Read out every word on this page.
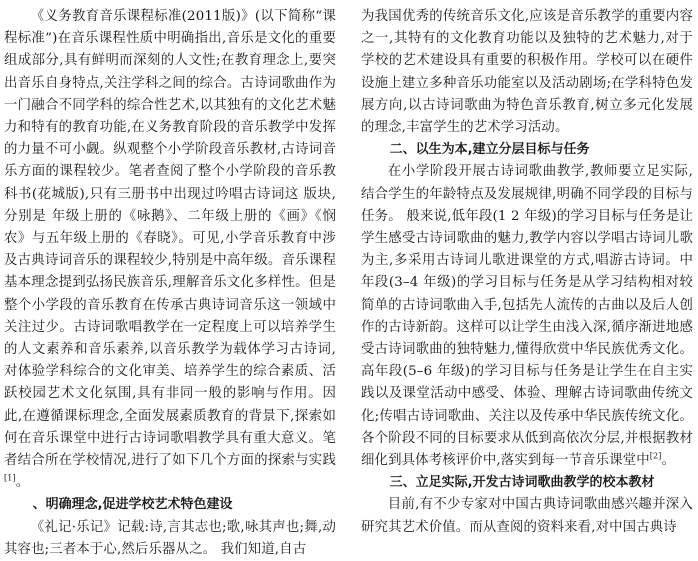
《义务教育音乐课程标准(2011版)》(以下简称“课程标准”)在音乐课程性质中明确指出,音乐是文化的重要组成部分,具有鲜明而深刻的人文性;在教育理念上,要突出音乐自身特点,关注学科之间的综合。古诗词歌曲作为一门融合不同学科的综合性艺术,以其独有的文化艺术魅力和特有的教育功能,在义务教育阶段的音乐教学中发挥的力量不可小觑。纵观整个小学阶段音乐教材,古诗词音乐方面的课程较少。笔者查阅了整个小学阶段的音乐教科书(花城版),只有三册书中出现过吟唱古诗词这 版块,分别是 年级上册的《咏鹅》、二年级上册的《画》《悯农》与五年级上册的《春晓》。可见,小学音乐教育中涉及古典诗词音乐的课程较少,特别是中高年级。音乐课程基本理念提到弘扬民族音乐,理解音乐文化多样性。但是整个小学段的音乐教育在传承古典诗词音乐这一领域中关注过少。古诗词歌唱教学在一定程度上可以培养学生的人文素养和音乐素养,以音乐教学为载体学习古诗词,对体验学科综合的文化审美、培养学生的综合素质、活跃校园艺术文化氛围,具有非同一般的影响与作用。因此,在遵循课标理念,全面发展素质教育的背景下,探索如何在音乐课堂中进行古诗词歌唱教学具有重大意义。笔者结合所在学校情况,进行了如下几个方面的探索与实践[1]。

、明确理念,促进学校艺术特色建设

《礼记·乐记》记载:诗,言其志也;歌,咏其声也;舞,动其容也;三者本于心,然后乐器从之。 我们知道,自古

为我国优秀的传统音乐文化,应该是音乐教学的重要内容之一,其特有的文化教育功能以及独特的艺术魅力,对于学校的艺术建设具有重要的积极作用。学校可以在硬件设施上建立多种音乐功能室以及活动剧场;在学科特色发展方向,以古诗词歌曲为特色音乐教育,树立多元化发展的理念,丰富学生的艺术学习活动。

二、以生为本,建立分层目标与任务

在小学阶段开展古诗词歌曲教学,教师要立足实际,结合学生的年龄特点及发展规律,明确不同学段的目标与任务。 般来说,低年段(1 2 年级)的学习目标与任务是让学生感受古诗词歌曲的魅力,教学内容以学唱古诗词儿歌为主,多采用古诗词儿歌进课堂的方式,唱游古诗词。中年段(3–4 年级)的学习目标与任务是从学习结构相对较简单的古诗词歌曲入手,包括先人流传的古曲以及后人创作的古诗新韵。这样可以让学生由浅入深,循序渐进地感受古诗词歌曲的独特魅力,懂得欣赏中华民族优秀文化。高年段(5–6 年级)的学习目标与任务是让学生在自主实践以及课堂活动中感受、体验、理解古诗词歌曲传统文化;传唱古诗词歌曲、关注以及传承中华民族传统文化。各个阶段不同的目标要求从低到高依次分层,并根据教材细化到具体考核评价中,落实到每一节音乐课堂中[2]。

三、立足实际,开发古诗词歌曲教学的校本教材

目前,有不少专家对中国古典诗词歌曲感兴趣并深入研究其艺术价值。而从查阅的资料来看,对中国古典诗
